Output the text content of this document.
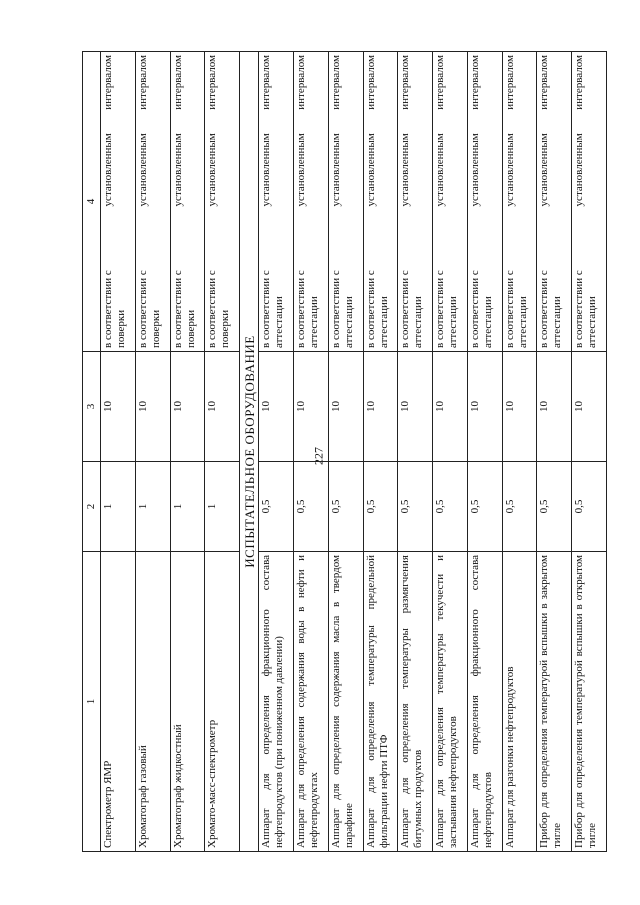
227
1	2	3	4
Спектрометр ЯМР	1	10	в соответствии с поверки
установленным
интервалом

Хроматограф газовый	1	10	в соответствии с поверки
установленным
интервалом

Хроматограф жидкостный	1	10	в соответствии с поверки
установленным
интервалом

Хромато-масс-спектрометр	1	10	в соответствии с поверки
установленным
интервалом

ИСПЫТАТЕЛЬНОЕ ОБОРУДОВАНИЕ			
Аппарат для определения фракционного состава нефтепродуктов (при пониженном давлении)	0,5	10	в соответствии с аттестации
установленным
интервалом

Аппарат для определения содержания воды в нефти и нефтепродуктах	0,5	10	в соответствии с аттестации
установленным
интервалом

Аппарат для определения содержания масла в твердом парафине	0,5	10	в соответствии с аттестации
установленным
интервалом

Аппарат для определения температуры предельной фильтрации нефти ПТФ	0,5	10	в соответствии с аттестации
установленным
интервалом

Аппарат для определения температуры размягчения битумных продуктов	0,5	10	в соответствии с аттестации
установленным
интервалом

Аппарат для определения температуры текучести и застывания нефтепродуктов	0,5	10	в соответствии с аттестации
установленным
интервалом

Аппарат для определения фракционного состава нефтепродуктов	0,5	10	в соответствии с аттестации
установленным
интервалом

Аппарат для разгонки нефтепродуктов	0,5	10	в соответствии с аттестации
установленным
интервалом

Прибор для определения температурой вспышки в закрытом тигле	0,5	10	в соответствии с аттестации
установленным
интервалом

Прибор для определения температурой вспышки в открытом тигле	0,5	10	в соответствии с аттестации
установленным
интервалом
